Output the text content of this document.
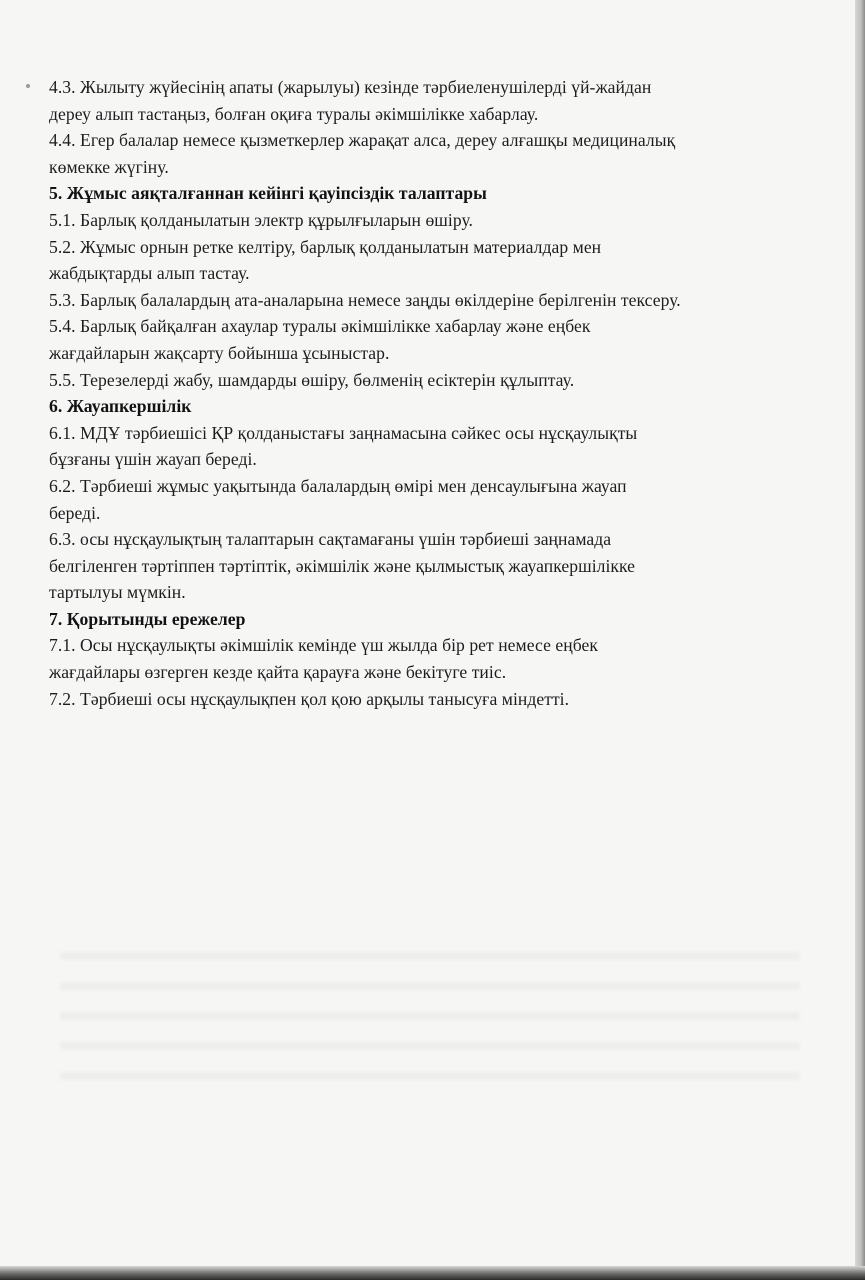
4.3. Жылыту жүйесінің апаты (жарылуы) кезінде тәрбиеленушілерді үй-жайдан

дереу алып тастаңыз, болған оқиға туралы әкімшілікке хабарлау.

4.4. Егер балалар немесе қызметкерлер жарақат алса, дереу алғашқы медициналық

көмекке жүгіну.

5. Жұмыс аяқталғаннан кейінгі қауіпсіздік талаптары

5.1. Барлық қолданылатын электр құрылғыларын өшіру.

5.2. Жұмыс орнын ретке келтіру, барлық қолданылатын материалдар мен

жабдықтарды алып тастау.

5.3. Барлық балалардың ата-аналарына немесе заңды өкілдеріне берілгенін тексеру.

5.4. Барлық байқалған ахаулар туралы әкімшілікке хабарлау және еңбек

жағдайларын жақсарту бойынша ұсыныстар.

5.5. Терезелерді жабу, шамдарды өшіру, бөлменің есіктерін құлыптау.

6. Жауапкершілік

6.1. МДҰ тәрбиешісі ҚР қолданыстағы заңнамасына сәйкес осы нұсқаулықты

бұзғаны үшін жауап береді.

6.2. Тәрбиеші жұмыс уақытында балалардың өмірі мен денсаулығына жауап

береді.

6.3. осы нұсқаулықтың талаптарын сақтамағаны үшін тәрбиеші заңнамада

белгіленген тәртіппен тәртіптік, әкімшілік және қылмыстық жауапкершілікке

тартылуы мүмкін.

7. Қорытынды ережелер

7.1. Осы нұсқаулықты әкімшілік кемінде үш жылда бір рет немесе еңбек

жағдайлары өзгерген кезде қайта қарауға және бекітуге тиіс.

7.2. Тәрбиеші осы нұсқаулықпен қол қою арқылы танысуға міндетті.
